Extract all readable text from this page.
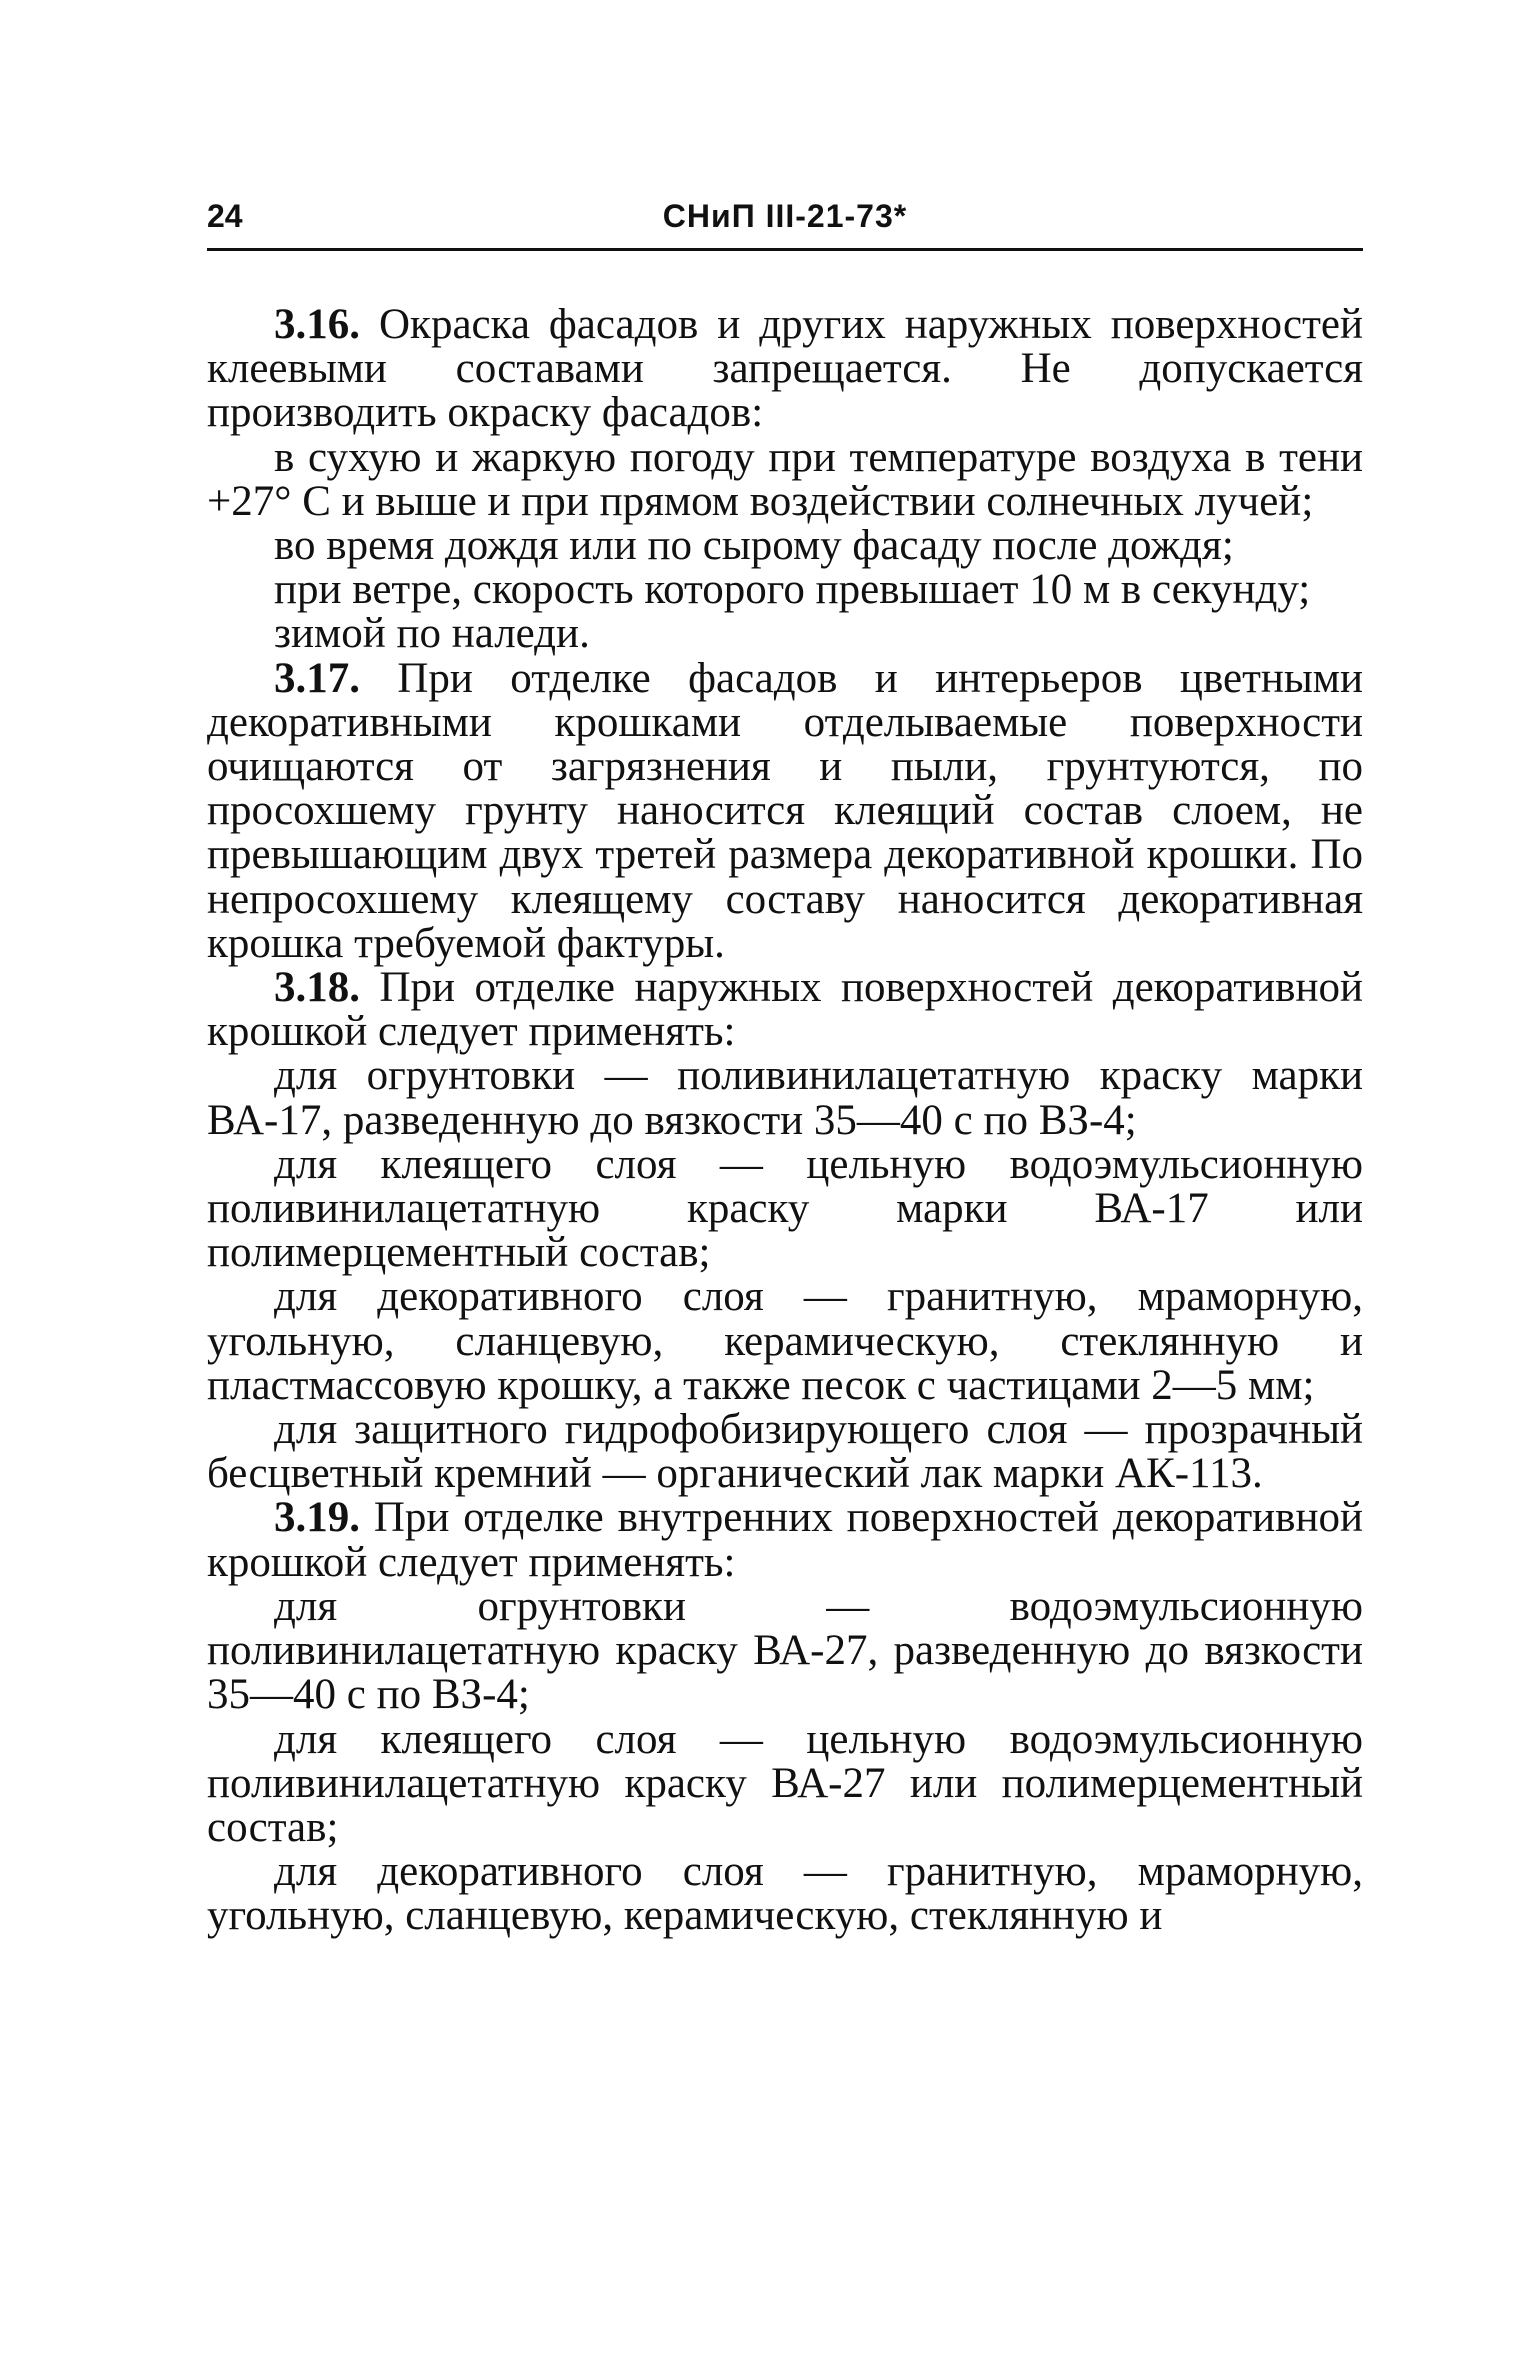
24	СНиП III-21-73*

3.16. Окраска фасадов и других наружных поверхностей клеевыми составами запрещается. Не допускается производить окраску фасадов:

в сухую и жаркую погоду при температуре воздуха в тени +27° С и выше и при прямом воздействии солнечных лучей;

во время дождя или по сырому фасаду после дождя;

при ветре, скорость которого превышает 10 м в секунду;

зимой по наледи.

3.17. При отделке фасадов и интерьеров цветными декоративными крошками отделываемые поверхности очищаются от загрязнения и пыли, грунтуются, по просохшему грунту наносится клеящий состав слоем, не превышающим двух третей размера декоративной крошки. По непросохшему клеящему составу наносится декоративная крошка требуемой фактуры.

3.18. При отделке наружных поверхностей декоративной крошкой следует применять:

для огрунтовки — поливинилацетатную краску марки ВА-17, разведенную до вязкости 35—40 с по ВЗ-4;

для клеящего слоя — цельную водоэмульсионную поливинилацетатную краску марки ВА-17 или полимерцементный состав;

для декоративного слоя — гранитную, мраморную, угольную, сланцевую, керамическую, стеклянную и пластмассовую крошку, а также песок с частицами 2—5 мм;

для защитного гидрофобизирующего слоя — прозрачный бесцветный кремний — органический лак марки АК-113.

3.19. При отделке внутренних поверхностей декоративной крошкой следует применять:

для огрунтовки — водоэмульсионную поливинилацетатную краску ВА-27, разведенную до вязкости 35—40 с по ВЗ-4;

для клеящего слоя — цельную водоэмульсионную поливинилацетатную краску ВА-27 или полимерцементный состав;

для декоративного слоя — гранитную, мраморную, угольную, сланцевую, керамическую, стеклянную и
